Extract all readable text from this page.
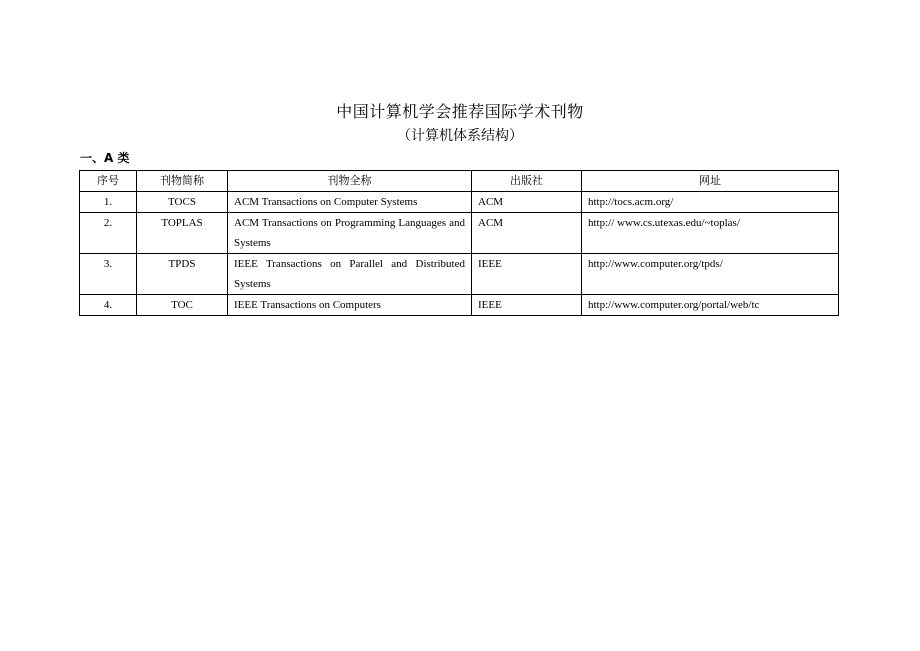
中国计算机学会推荐国际学术刊物
（计算机体系结构）
一、A 类
序号	刊物简称	刊物全称	出版社	网址
1.	TOCS	ACM Transactions on Computer Systems	ACM	http://tocs.acm.org/
2.	TOPLAS	ACM Transactions on Programming Languages and Systems	ACM	http:// www.cs.utexas.edu/~toplas/
3.	TPDS	IEEE Transactions on Parallel and Distributed Systems	IEEE	http://www.computer.org/tpds/
4.	TOC	IEEE Transactions on Computers	IEEE	http://www.computer.org/portal/web/tc
